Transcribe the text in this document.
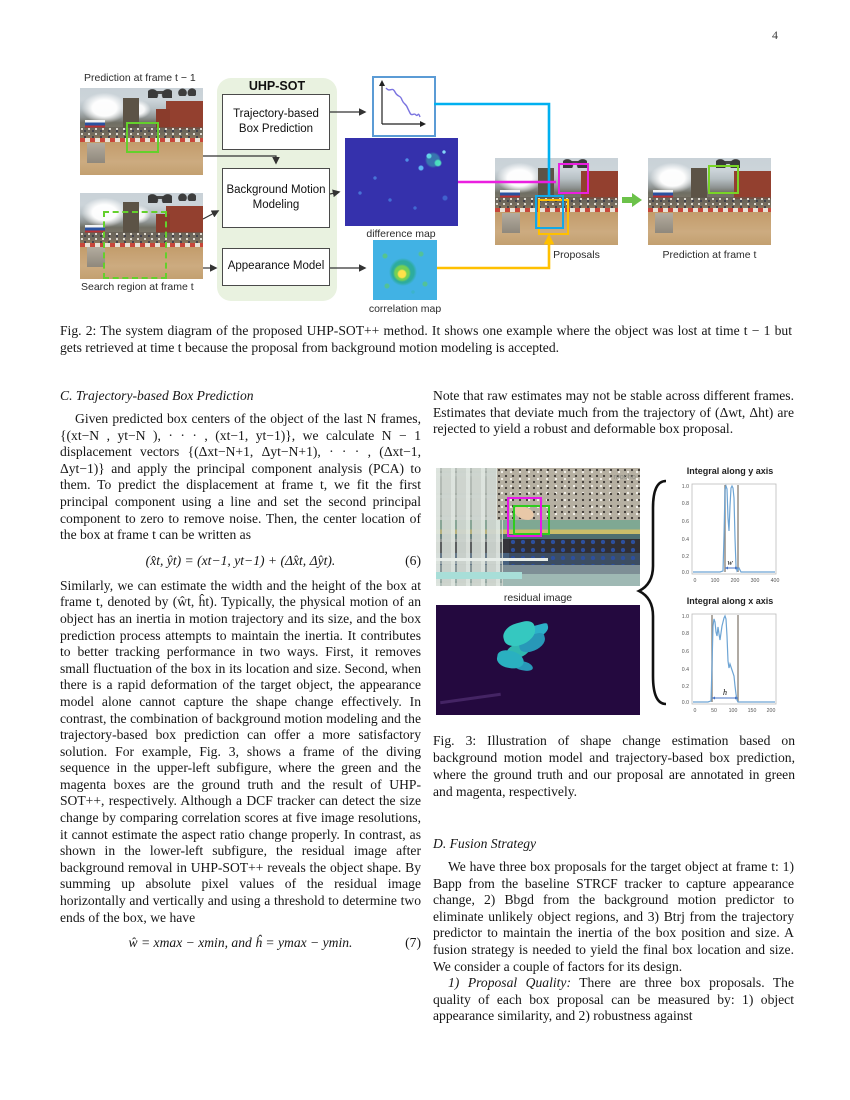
4
Prediction at frame t − 1
Search region at frame t
UHP-SOT
Trajectory-based Box Prediction
Background Motion Modeling
Appearance Model
difference map
correlation map
Proposals	Prediction at frame t
Fig. 2: The system diagram of the proposed UHP-SOT++ method. It shows one example where the object was lost at time t − 1 but gets retrieved at time t because the proposal from background motion modeling is accepted.
C. Trajectory-based Box Prediction

Given predicted box centers of the object of the last N frames, {(xt−N , yt−N ), · · · , (xt−1, yt−1)}, we calculate N − 1 displacement vectors {(Δxt−N+1, Δyt−N+1), · · · , (Δxt−1, Δyt−1)} and apply the principal component analysis (PCA) to them. To predict the displacement at frame t, we fit the first principal component using a line and set the second principal component to zero to remove noise. Then, the center location of the box at frame t can be written as

(x̂t, ŷt) = (xt−1, yt−1) + (Δ̂xt, Δ̂yt).	(6)

Similarly, we can estimate the width and the height of the box at frame t, denoted by (ŵt, ĥt). Typically, the physical motion of an object has an inertia in motion trajectory and its size, and the box prediction process attempts to maintain the inertia. It contributes to better tracking performance in two ways. First, it removes small fluctuation of the box in its location and size. Second, when there is a rapid deformation of the target object, the appearance model alone cannot capture the shape change effectively. In contrast, the combination of background motion modeling and the trajectory-based box prediction can offer a more satisfactory solution. For example, Fig. 3, shows a frame of the diving sequence in the upper-left subfigure, where the green and the magenta boxes are the ground truth and the result of UHP-SOT++, respectively. Although a DCF tracker can detect the size change by comparing correlation scores at five image resolutions, it cannot estimate the aspect ratio change properly. In contrast, as shown in the lower-left subfigure, the residual image after background removal in UHP-SOT++ reveals the object shape. By summing up absolute pixel values of the residual image horizontally and vertically and using a threshold to determine two ends of the box, we have

ŵ = xmax − xmin, and ĥ = ymax − ymin.	(7)

Note that raw estimates may not be stable across different frames. Estimates that deviate much from the trajectory of (Δwt, Δht) are rejected to yield a robust and deformable box proposal.

mocho
residual image
Integral along y axis
1.0
0.8
0.6
0.4
0.2
0.0
0	100 200 300 400
w
Integral along x axis
1.0
0.8
0.6
0.4
0.2
0.0
0	50 100 150 200
h
Fig. 3: Illustration of shape change estimation based on background motion model and trajectory-based box prediction, where the ground truth and our proposal are annotated in green and magenta, respectively.
D. Fusion Strategy

We have three box proposals for the target object at frame t: 1) Bapp from the baseline STRCF tracker to capture appearance change, 2) Bbgd from the background motion predictor to eliminate unlikely object regions, and 3) Btrj from the trajectory predictor to maintain the inertia of the box position and size. A fusion strategy is needed to yield the final box location and size. We consider a couple of factors for its design.

1) Proposal Quality: There are three box proposals. The quality of each box proposal can be measured by: 1) object appearance similarity, and 2) robustness against
